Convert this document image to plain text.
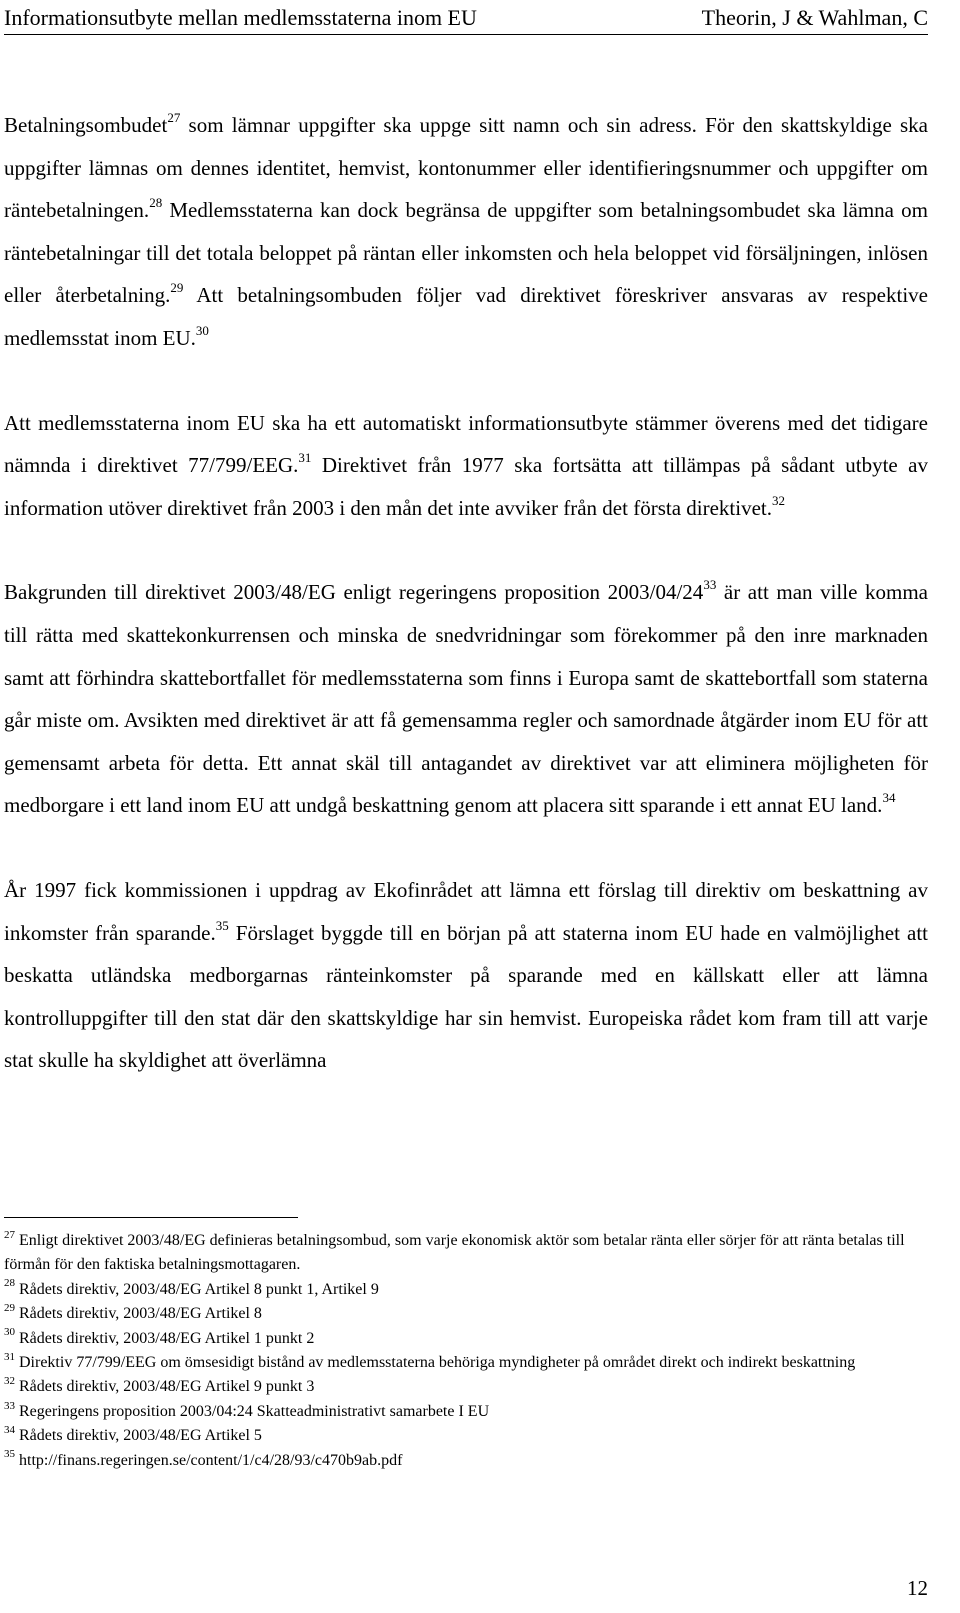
Informationsutbyte mellan medlemsstaterna inom EU	Theorin, J & Wahlman, C

Betalningsombudet$^{27}$ som lämnar uppgifter ska uppge sitt namn och sin adress. För den skattskyldige ska uppgifter lämnas om dennes identitet, hemvist, kontonummer eller identifieringsnummer och uppgifter om räntebetalningen.$^{28}$ Medlemsstaterna kan dock begränsa de uppgifter som betalningsombudet ska lämna om räntebetalningar till det totala beloppet på räntan eller inkomsten och hela beloppet vid försäljningen, inlösen eller återbetalning.$^{29}$ Att betalningsombuden följer vad direktivet föreskriver ansvaras av respektive medlemsstat inom EU.$^{30}$

Att medlemsstaterna inom EU ska ha ett automatiskt informationsutbyte stämmer överens med det tidigare nämnda i direktivet 77/799/EEG.$^{31}$ Direktivet från 1977 ska fortsätta att tillämpas på sådant utbyte av information utöver direktivet från 2003 i den mån det inte avviker från det första direktivet.$^{32}$

Bakgrunden till direktivet 2003/48/EG enligt regeringens proposition $2003/04/24^{33}$ är att man ville komma till rätta med skattekonkurrensen och minska de snedvridningar som förekommer på den inre marknaden samt att förhindra skattebortfallet för medlemsstaterna som finns i Europa samt de skattebortfall som staterna går miste om. Avsikten med direktivet är att få gemensamma regler och samordnade åtgärder inom EU för att gemensamt arbeta för detta. Ett annat skäl till antagandet av direktivet var att eliminera möjligheten för medborgare i ett land inom EU att undgå beskattning genom att placera sitt sparande i ett annat EU land.$^{34}$

År 1997 fick kommissionen i uppdrag av Ekofinrådet att lämna ett förslag till direktiv om beskattning av inkomster från sparande.$^{35}$ Förslaget byggde till en början på att staterna inom EU hade en valmöjlighet att beskatta utländska medborgarnas ränteinkomster på sparande med en källskatt eller att lämna kontrolluppgifter till den stat där den skattskyldige har sin hemvist. Europeiska rådet kom fram till att varje stat skulle ha skyldighet att överlämna

$^{27}$ Enligt direktivet 2003/48/EG definieras betalningsombud, som varje ekonomisk aktör som betalar ränta eller sörjer för att ränta betalas till förmån för den faktiska betalningsmottagaren.

$^{28}$ Rådets direktiv, 2003/48/EG Artikel 8 punkt 1, Artikel 9

$^{29}$ Rådets direktiv, 2003/48/EG Artikel 8

$^{30}$ Rådets direktiv, 2003/48/EG Artikel 1 punkt 2

$^{31}$ Direktiv 77/799/EEG om ömsesidigt bistånd av medlemsstaterna behöriga myndigheter på området direkt och indirekt beskattning

$^{32}$ Rådets direktiv, 2003/48/EG Artikel 9 punkt 3

$^{33}$ Regeringens proposition 2003/04:24 Skatteadministrativt samarbete I EU

$^{34}$ Rådets direktiv, 2003/48/EG Artikel 5

$^{35}$ http://finans.regeringen.se/content/1/c4/28/93/c470b9ab.pdf

12
